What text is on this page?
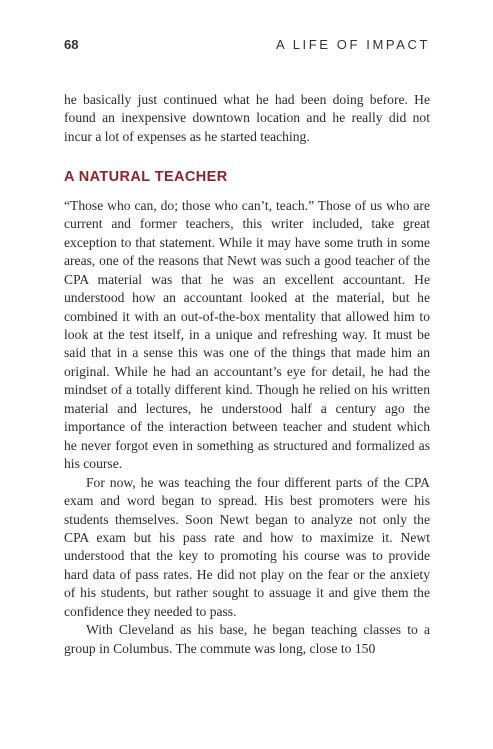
68	A LIFE OF IMPACT

he basically just continued what he had been doing before. He found an inexpensive downtown location and he really did not incur a lot of expenses as he started teaching.

A NATURAL TEACHER

“Those who can, do; those who can’t, teach.” Those of us who are current and former teachers, this writer included, take great exception to that statement. While it may have some truth in some areas, one of the reasons that Newt was such a good teacher of the CPA material was that he was an excellent accountant. He understood how an accountant looked at the material, but he combined it with an out-of-the-box mentality that allowed him to look at the test itself, in a unique and refreshing way. It must be said that in a sense this was one of the things that made him an original. While he had an accountant’s eye for detail, he had the mindset of a totally different kind. Though he relied on his written material and lectures, he understood half a century ago the importance of the interaction between teacher and student which he never forgot even in something as structured and formalized as his course.

For now, he was teaching the four different parts of the CPA exam and word began to spread. His best promoters were his students themselves. Soon Newt began to analyze not only the CPA exam but his pass rate and how to maximize it. Newt understood that the key to promoting his course was to provide hard data of pass rates. He did not play on the fear or the anxiety of his students, but rather sought to assuage it and give them the confidence they needed to pass.

With Cleveland as his base, he began teaching classes to a group in Columbus. The commute was long, close to 150
